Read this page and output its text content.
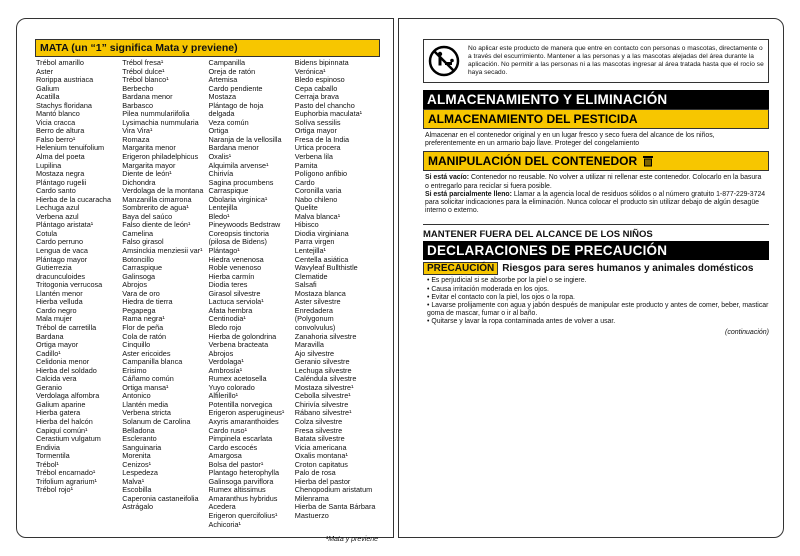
MATA (un “1” significa Mata y previene)
Trébol amarillo
Aster
Rorippa austriaca
Galium
Acatilla
Stachys floridana
Mantó blanco
Vicia cracca
Berro de altura
Falso berro¹
Helenium tenuifolium
Alma del poeta
Lupilina
Mostaza negra
Plántago rugelii
Cardo santo
Hierba de la cucaracha
Lechuga azul
Verbena azul
Plántago aristata¹
Cotula
Cardo perruno
Lengua de vaca
Plántago mayor
Gutierrezia
dracunculoides
Tritogonia verrucosa
Llantén menor
Hierba velluda
Cardo negro
Mala mujer
Trébol de carretilla
Bardana
Ortiga mayor
Cadillo¹
Celidonia menor
Hierba del soldado
Calcida vera
Geranio
Verdolaga alfombra
Galium aparine
Hierba gatera
Hierba del halcón
Capiquí común¹
Cerastium vulgatum
Endivia
Tormentila
Trébol¹
Trébol encarnado¹
Trifolium agrarium¹
Trébol rojo¹
Trébol fresa¹
Trébol dulce¹
Trébol blanco¹
Berbecho
Bardana menor
Barbasco
Pilea nummulariifolia
Lysimachia nummularia
Vira Vira¹
Romaza
Margarita menor
Erigeron philadelphicus
Margarita mayor
Diente de león¹
Dichondra
Verdolaga de la montana
Manzanilla cimarrona
Sombrerito de agua¹
Baya del saúco
Falso diente de león¹
Camelina
Falso girasol
Amsinckia menziesii var¹
Botoncillo
Carraspique
Galinsoga
Abrojos
Vara de oro
Hiedra de tierra
Pegapega
Rama negra¹
Flor de peña
Cola de ratón
Cinquillo
Aster ericoides
Campanilla blanca
Erisimo
Cáñamo común
Ortiga mansa¹
Antonico
Llantén media
Verbena stricta
Solanum de Carolina
Belladona
Escleranto
Sanguinaria
Morenita
Cenizos¹
Lespedeza
Malva¹
Escobilla
Caperonia castaneifolia
Astrágalo
Campanilla
Oreja de ratón
Artemisa
Cardo pendiente
Mostaza
Plántago de hoja
delgada
Veza común
Ortiga
Naranja de la vellosilla
Bardana menor
Oxalis¹
Alquimila arvense¹
Chirivía
Sagina procumbens
Carraspique
Obolaria virginica¹
Lentejilla
Bledo¹
Pineywoods Bedstraw
Coreopsis tinctoria
(pilosa de Bidens)
Plántago¹
Hiedra venenosa
Roble venenoso
Hierba carmín
Diodia teres
Girasol silvestre
Lactuca serviola¹
Afata hembra
Centinodia¹
Bledo rojo
Hierba de golondrina
Verbena bracteata
Abrojos
Verdolaga¹
Ambrosía¹
Rumex acetosella
Yuyo colorado
Alfilerillo¹
Potentilla norvegica
Erigeron asperugineus¹
Axyris amaranthoides
Cardo ruso¹
Pimpinela escarlata
Cardo escocés
Amargosa
Bolsa del pastor¹
Plantago heterophylla
Galinsoga parviflora
Rumex altissimus
Amaranthus hybridus
Acedera
Erigeron quercifolius¹
Achicoria¹
Bidens bipinnata
Verónica¹
Bledo espinoso
Cepa caballo
Cerraja brava
Pasto del chancho
Euphorbia maculata¹
Solíva sessilis
Ortiga mayor
Fresa de la India
Urtica procera
Verbena lila
Pamita
Polígono anfibio
Cardo
Coronilla varia
Nabo chileno
Quelite
Malva blanca¹
Hibisco
Diodia virginiana
Parra virgen
Lentejilla¹
Centella asiática
Wavyleaf Bullthistle
Clematide
Salsafi
Mostaza blanca
Aster silvestre
Enredadera
(Polygonum
convolvulus)
Zanahoria silvestre
Maravilla
Ajo silvestre
Geranio silvestre
Lechuga silvestre
Caléndula silvestre
Mostaza silvestre¹
Cebolla silvestre¹
Chirivía silvestre
Rábano silvestre¹
Colza silvestre
Fresa silvestre
Batata silvestre
Vicia americana
Oxalis montana¹
Croton capitatus
Palo de rosa
Hierba del pastor
Chenopodium aristatum
Milenrama
Hierba de Santa Bárbara
Mastuerzo
¹Mata y previene
No aplicar este producto de manera que entre en contacto con personas o mascotas, directamente o a través del escurrimiento. Mantener a las personas y a las mascotas alejadas del área durante la aplicación. No permitir a las personas ni a las mascotas ingresar al área tratada hasta que el rocío se haya secado.
ALMACENAMIENTO Y ELIMINACIÓN
ALMACENAMIENTO DEL PESTICIDA
Almacenar en el contenedor original y en un lugar fresco y seco fuera del alcance de los niños, preferentemente en un armario bajo llave. Proteger del congelamiento
MANIPULACIÓN DEL CONTENEDOR
Si está vacío: Contenedor no reusable. No volver a utilizar ni rellenar este contenedor. Colocarlo en la basura o entregarlo para reciclar si fuera posible.
Si está parcialmente lleno: Llamar a la agencia local de residuos sólidos o al número gratuito 1-877-229-3724 para solicitar indicaciones para la eliminación. Nunca colocar el producto sin utilizar debajo de algún desagüe interno o externo.
MANTENER FUERA DEL ALCANCE DE LOS NIÑOS
DECLARACIONES DE PRECAUCIÓN
PRECAUCIÓN Riesgos para seres humanos y animales domésticos
• Es perjudicial si se absorbe por la piel o se ingiere.
• Causa irritación moderada en los ojos.
• Evitar el contacto con la piel, los ojos o la ropa.
• Lavarse prolijamente con agua y jabón después de manipular este producto y antes de comer, beber, masticar goma de mascar, fumar o ir al baño.
• Quitarse y lavar la ropa contaminada antes de volver a usar.
(continuación)
